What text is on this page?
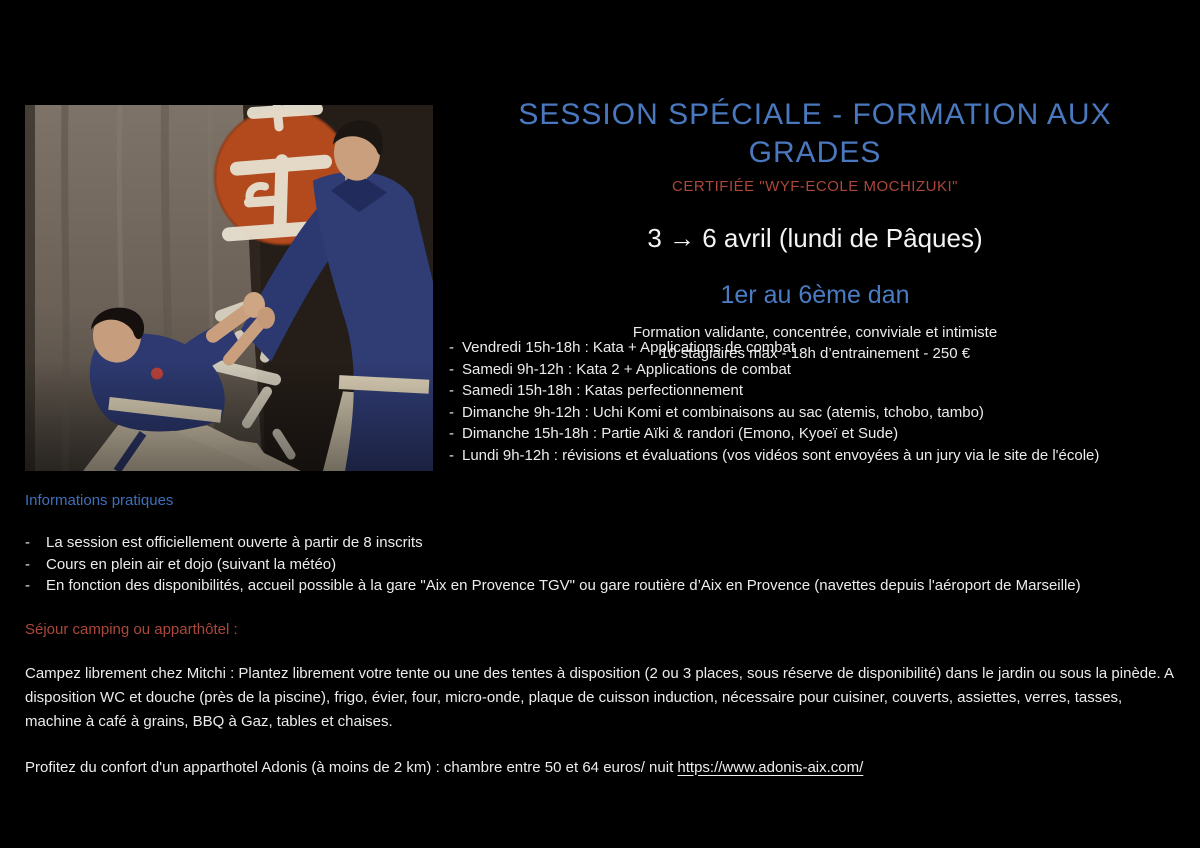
SESSION SPÉCIALE - FORMATION AUX GRADES
CERTIFIÉE "WYF-ECOLE MOCHIZUKI"
3 → 6 avril (lundi de Pâques)
1er au 6ème dan
Formation validante, concentrée, conviviale et intimiste
10 stagiaires max - 18h d’entrainement - 250 €
- Vendredi 15h-18h : Kata + Applications de combat
- Samedi 9h-12h : Kata 2 + Applications de combat
- Samedi 15h-18h : Katas perfectionnement
- Dimanche 9h-12h : Uchi Komi et combinaisons au sac (atemis, tchobo, tambo)
- Dimanche 15h-18h : Partie Aïki & randori (Emono, Kyoeï et Sude)
- Lundi 9h-12h : révisions et évaluations (vos vidéos sont envoyées à un jury via le site de l'école)
Informations pratiques
-	La session est officiellement ouverte à partir de 8 inscrits
-	Cours en plein air et dojo (suivant la météo)
-	En fonction des disponibilités, accueil possible à la gare "Aix en Provence TGV" ou gare routière d’Aix en Provence (navettes depuis l'aéroport de Marseille)
Séjour camping ou apparthôtel :
Campez librement chez Mitchi : Plantez librement votre tente ou une des tentes à disposition (2 ou 3 places, sous réserve de disponibilité) dans le jardin ou sous la pinède. A disposition WC et douche (près de la piscine), frigo, évier, four, micro-onde, plaque de cuisson induction, nécessaire pour cuisiner, couverts, assiettes, verres, tasses, machine à café à grains, BBQ à Gaz, tables et chaises.
Profitez du confort d'un apparthotel Adonis (à moins de 2 km) : chambre entre 50 et 64 euros/ nuit https://www.adonis-aix.com/
